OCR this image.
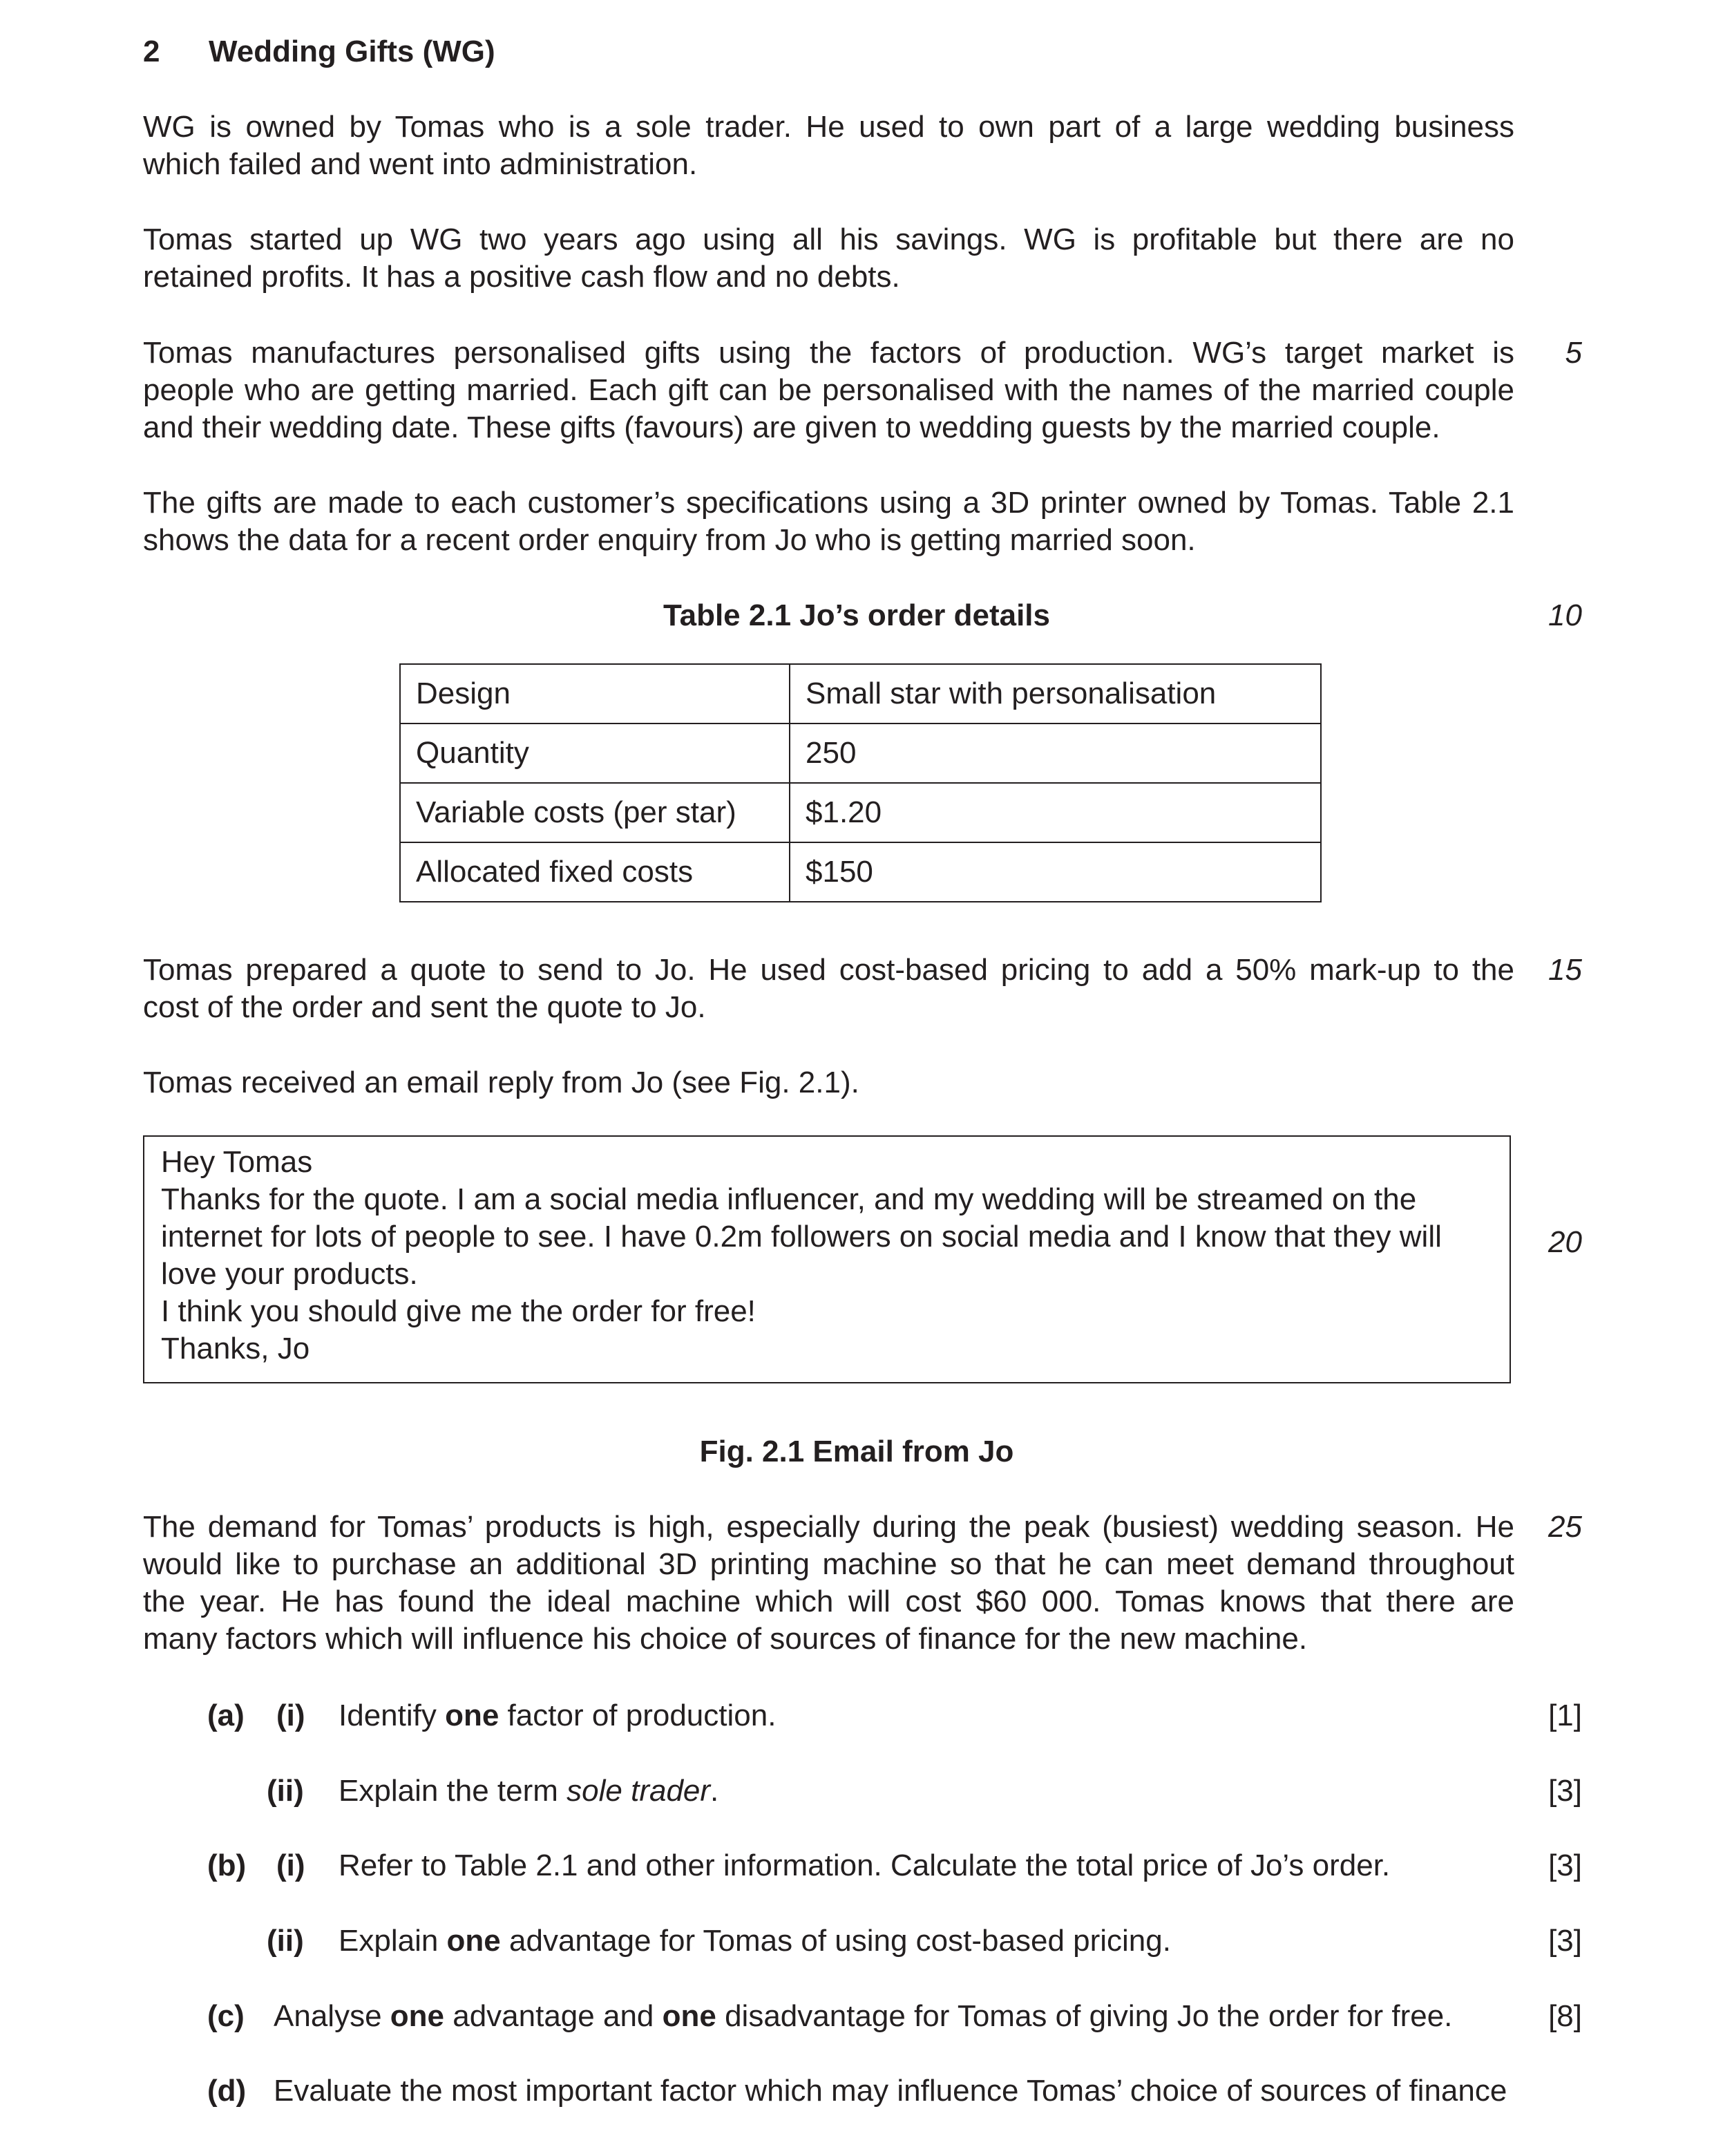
2 Wedding Gifts (WG)
WG is owned by Tomas who is a sole trader. He used to own part of a large wedding business
which failed and went into administration.
Tomas started up WG two years ago using all his savings. WG is profitable but there are no
retained profits. It has a positive cash flow and no debts.
Tomas manufactures personalised gifts using the factors of production. WG’s target market is
people who are getting married. Each gift can be personalised with the names of the married couple
and their wedding date. These gifts (favours) are given to wedding guests by the married couple.
5
The gifts are made to each customer’s specifications using a 3D printer owned by Tomas. Table 2.1
shows the data for a recent order enquiry from Jo who is getting married soon.
Table 2.1 Jo’s order details	10
Design	Small star with personalisation
Quantity	250
Variable costs (per star)	$1.20
Allocated fixed costs	$150
Tomas prepared a quote to send to Jo. He used cost-based pricing to add a 50% mark-up to the
cost of the order and sent the quote to Jo.
15
Tomas received an email reply from Jo (see Fig. 2.1).
Hey Tomas
Thanks for the quote. I am a social media influencer, and my wedding will be streamed on the
internet for lots of people to see. I have 0.2m followers on social media and I know that they will
love your products.
I think you should give me the order for free!
Thanks, Jo
20
Fig. 2.1 Email from Jo
The demand for Tomas’ products is high, especially during the peak (busiest) wedding season. He
would like to purchase an additional 3D printing machine so that he can meet demand throughout
the year. He has found the ideal machine which will cost $60 000. Tomas knows that there are
many factors which will influence his choice of sources of finance for the new machine.
25
(a) (i) Identify one factor of production.	[1]
(ii) Explain the term sole trader.	[3]
(b) (i) Refer to Table 2.1 and other information. Calculate the total price of Jo’s order.	[3]
(ii) Explain one advantage for Tomas of using cost-based pricing.	[3]
(c) Analyse one advantage and one disadvantage for Tomas of giving Jo the order for free.	[8]
(d) Evaluate the most important factor which may influence Tomas’ choice of sources of finance
